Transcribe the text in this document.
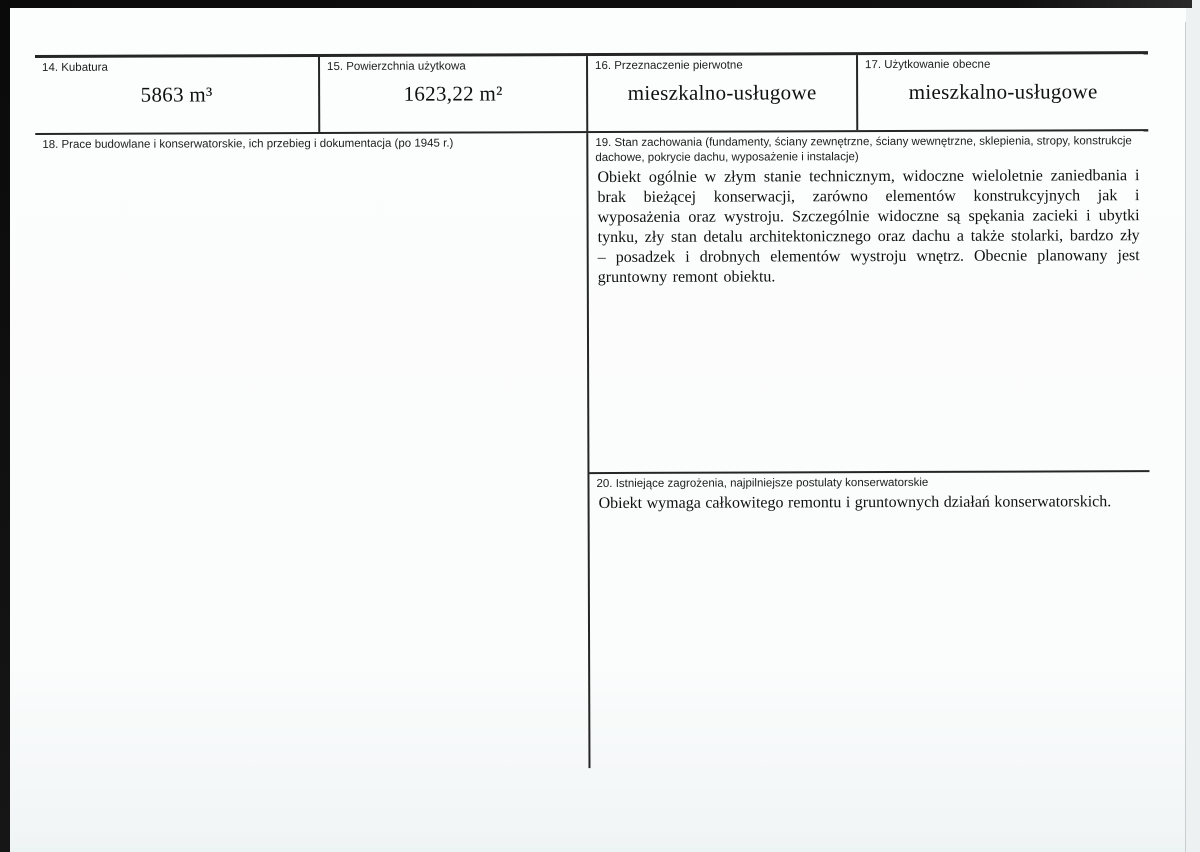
14. Kubatura
5863 m³
15. Powierzchnia użytkowa
1623,22 m²
16. Przeznaczenie pierwotne
mieszkalno-usługowe
17. Użytkowanie obecne
mieszkalno-usługowe
18. Prace budowlane i konserwatorskie, ich przebieg i dokumentacja (po 1945 r.)	19. Stan zachowania (fundamenty, ściany zewnętrzne, ściany wewnętrzne, sklepienia, stropy, konstrukcje dachowe, pokrycie dachu, wyposażenie i instalacje)
Obiekt ogólnie w złym stanie technicznym, widoczne wieloletnie zaniedbania i brak bieżącej konserwacji, zarówno elementów konstrukcyjnych jak i wyposażenia oraz wystroju. Szczególnie widoczne są spękania zacieki i ubytki tynku, zły stan detalu architektonicznego oraz dachu a także stolarki, bardzo zły – posadzek i drobnych elementów wystroju wnętrz. Obecnie planowany jest gruntowny remont obiektu.
20. Istniejące zagrożenia, najpilniejsze postulaty konserwatorskie
Obiekt wymaga całkowitego remontu i gruntownych działań konserwatorskich.
